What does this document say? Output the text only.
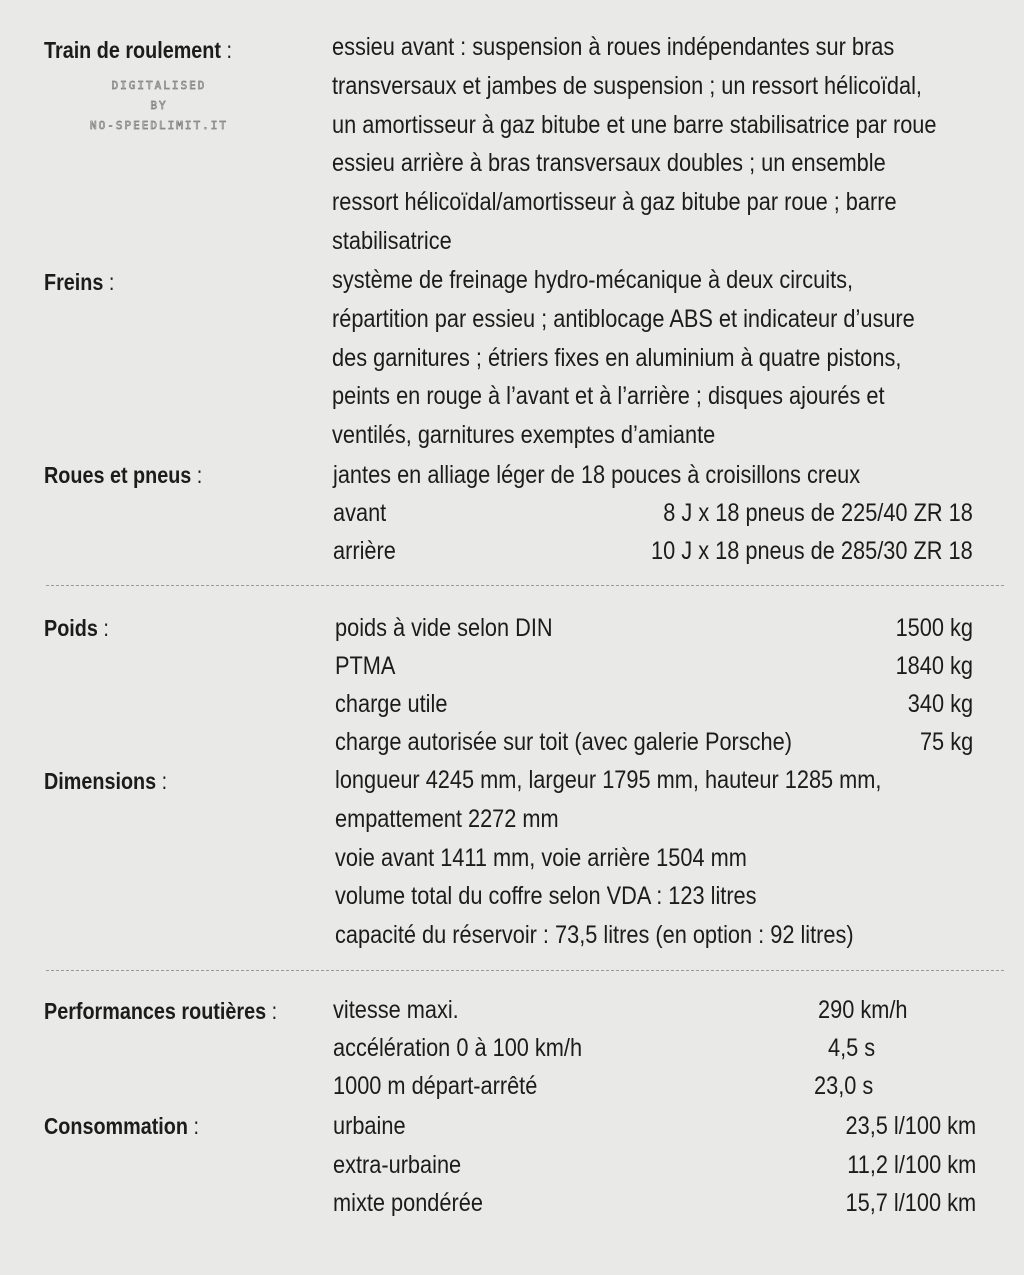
DIGITALISED
BY
NO-SPEEDLIMIT.IT
Train de roulement :	essieu avant : suspension à roues indépendantes sur bras
transversaux et jambes de suspension ; un ressort hélicoïdal,
un amortisseur à gaz bitube et une barre stabilisatrice par roue
essieu arrière à bras transversaux doubles ; un ensemble
ressort hélicoïdal/amortisseur à gaz bitube par roue ; barre
stabilisatrice
Freins :	système de freinage hydro-mécanique à deux circuits,
répartition par essieu ; antiblocage ABS et indicateur d’usure
des garnitures ; étriers fixes en aluminium à quatre pistons,
peints en rouge à l’avant et à l’arrière ; disques ajourés et
ventilés, garnitures exemptes d’amiante
Roues et pneus :	jantes en alliage léger de 18 pouces à croisillons creux
avant	8 J x 18 pneus de 225/40 ZR 18
arrière	10 J x 18 pneus de 285/30 ZR 18
Poids :	poids à vide selon DIN	1500 kg
PTMA	1840 kg
charge utile	340 kg
charge autorisée sur toit (avec galerie Porsche)	75 kg
Dimensions :	longueur 4245 mm, largeur 1795 mm, hauteur 1285 mm,
empattement 2272 mm
voie avant 1411 mm, voie arrière 1504 mm
volume total du coffre selon VDA : 123 litres
capacité du réservoir : 73,5 litres (en option : 92 litres)
Performances routières : vitesse maxi.	290 km/h
accélération 0 à 100 km/h	4,5 s
1000 m départ-arrêté	23,0 s
Consommation :	urbaine	23,5 l/100 km
extra-urbaine	11,2 l/100 km
mixte pondérée	15,7 l/100 km
